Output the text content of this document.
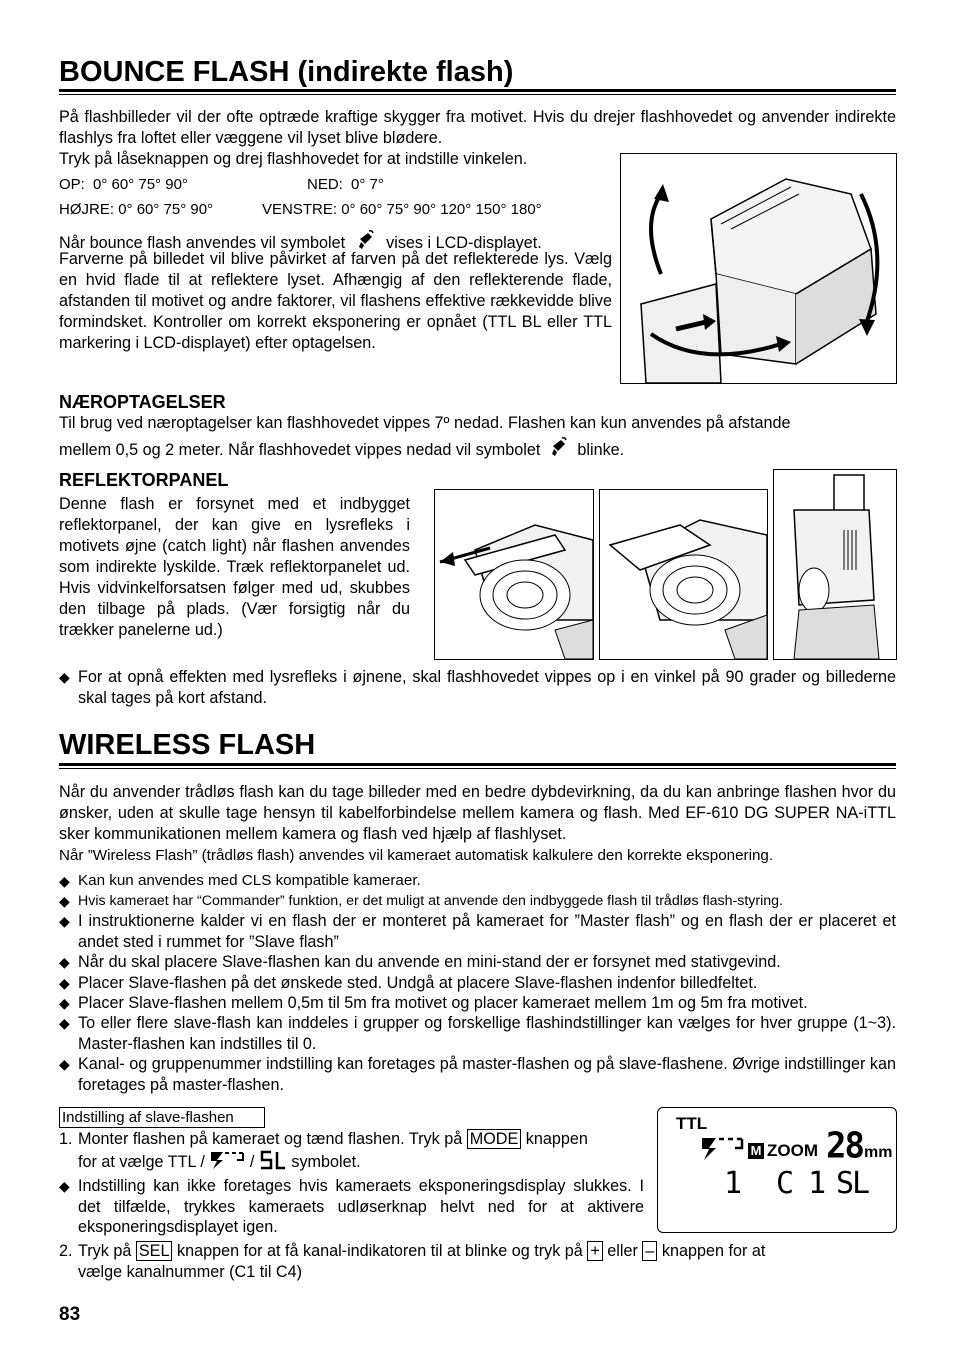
BOUNCE FLASH (indirekte flash)
På flashbilleder vil der ofte optræde kraftige skygger fra motivet. Hvis du drejer flashhovedet og anvender indirekte flashlys fra loftet eller væggene vil lyset blive blødere.
Tryk på låseknappen og drej flashhovedet for at indstille vinkelen.
OP: 0° 60° 75° 90°	NED: 0° 7°
HØJRE: 0° 60° 75° 90°	VENSTRE: 0° 60° 75° 90° 120° 150° 180°
Når bounce flash anvendes vil symbolet	vises i LCD-displayet.
Farverne på billedet vil blive påvirket af farven på det reflekterede lys. Vælg en hvid flade til at reflektere lyset. Afhængig af den reflekterende flade, afstanden til motivet og andre faktorer, vil flashens effektive rækkevidde blive formindsket. Kontroller om korrekt eksponering er opnået (TTL BL eller TTL markering i LCD-displayet) efter optagelsen.
NÆROPTAGELSER
Til brug ved næroptagelser kan flashhovedet vippes 7º nedad. Flashen kan kun anvendes på afstande
mellem 0,5 og 2 meter. Når flashhovedet vippes nedad vil symbolet blinke.
REFLEKTORPANEL
Denne flash er forsynet med et indbygget reflektorpanel, der kan give en lysrefleks i motivets øjne (catch light) når flashen anvendes som indirekte lyskilde. Træk reflektorpanelet ud. Hvis vidvinkelforsatsen følger med ud, skubbes den tilbage på plads. (Vær forsigtig når du trækker panelerne ud.)
◆ For at opnå effekten med lysrefleks i øjnene, skal flashhovedet vippes op i en vinkel på 90 grader og billederne skal tages på kort afstand.
WIRELESS FLASH
Når du anvender trådløs flash kan du tage billeder med en bedre dybdevirkning, da du kan anbringe flashen hvor du ønsker, uden at skulle tage hensyn til kabelforbindelse mellem kamera og flash. Med EF-610 DG SUPER NA-iTTL sker kommunikationen mellem kamera og flash ved hjælp af flashlyset.
Når ”Wireless Flash” (trådløs flash) anvendes vil kameraet automatisk kalkulere den korrekte eksponering.
◆ Kan kun anvendes med CLS kompatible kameraer.
◆ Hvis kameraet har “Commander” funktion, er det muligt at anvende den indbyggede flash til trådløs flash-styring.
◆ I instruktionerne kalder vi en flash der er monteret på kameraet for ”Master flash” og en flash der er placeret et andet sted i rummet for ”Slave flash”
◆ Når du skal placere Slave-flashen kan du anvende en mini-stand der er forsynet med stativgevind.
◆ Placer Slave-flashen på det ønskede sted. Undgå at placere Slave-flashen indenfor billedfeltet.
◆ Placer Slave-flashen mellem 0,5m til 5m fra motivet og placer kameraet mellem 1m og 5m fra motivet.
◆ To eller flere slave-flash kan inddeles i grupper og forskellige flashindstillinger kan vælges for hver gruppe (1~3). Master-flashen kan indstilles til 0.
◆ Kanal- og gruppenummer indstilling kan foretages på master-flashen og på slave-flashene. Øvrige indstillinger kan foretages på master-flashen.
Indstilling af slave-flashen
1. Monter flashen på kameraet og tænd flashen. Tryk på MODE knappen
for at vælge TTL /	/ symbolet.
◆ Indstilling kan ikke foretages hvis kameraets eksponeringsdisplay slukkes. I det tilfælde, trykkes kameraets udløserknap helvt ned for at aktivere eksponeringsdisplayet igen.
2. Tryk på SEL knappen for at få kanal-indikatoren til at blinke og tryk på + eller – knappen for at
vælge kanalnummer (C1 til C4)
TTL
M ZOOM 28 mm
1 C 1 SL
83
